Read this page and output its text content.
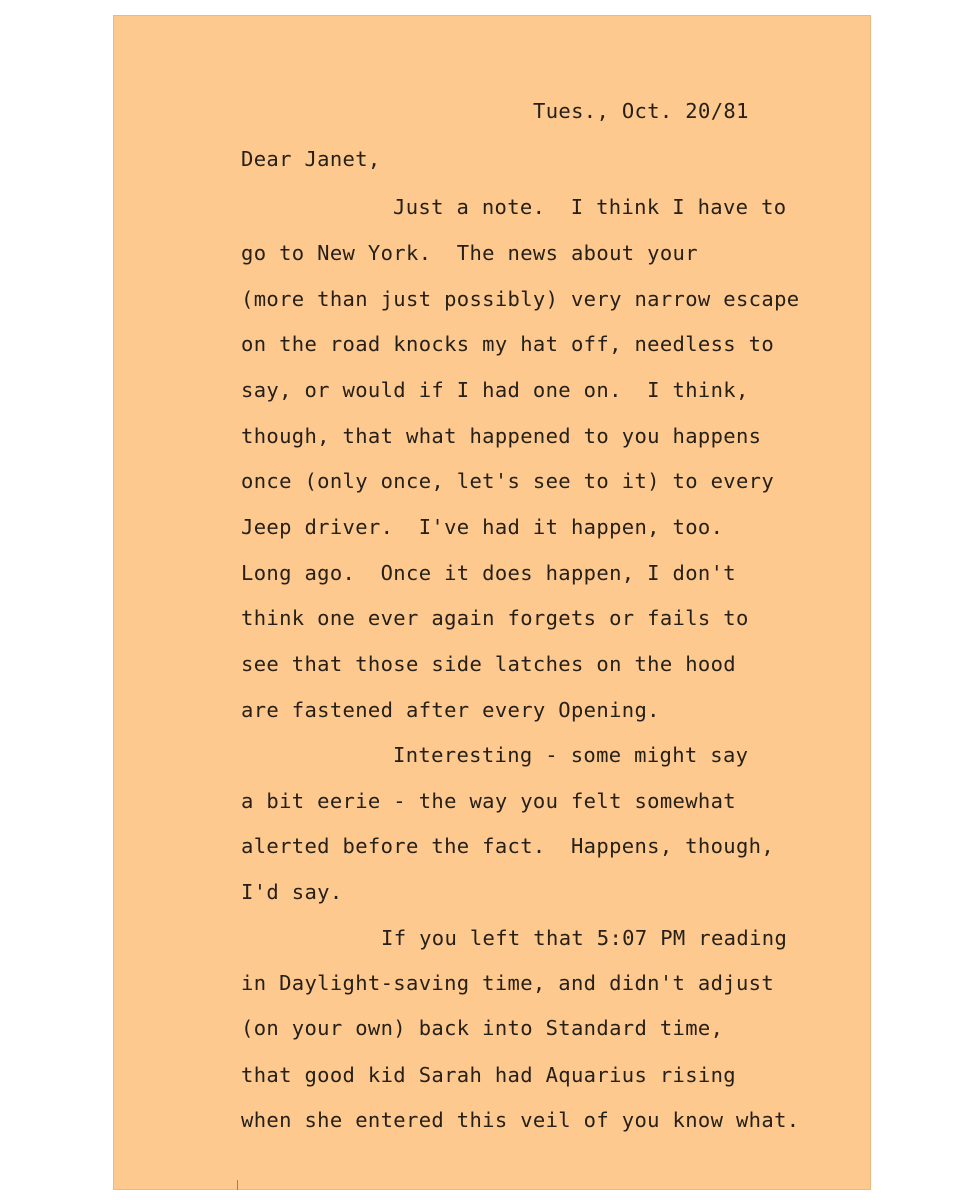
Tues., Oct. 20/81

Dear Janet,

Just a note.  I think I have to

go to New York.  The news about your

(more than just possibly) very narrow escape

on the road knocks my hat off, needless to

say, or would if I had one on.  I think,

though, that what happened to you happens

once (only once, let's see to it) to every

Jeep driver.  I've had it happen, too.

Long ago.  Once it does happen, I don't

think one ever again forgets or fails to

see that those side latches on the hood

are fastened after every Opening.

Interesting - some might say

a bit eerie - the way you felt somewhat

alerted before the fact.  Happens, though,

I'd say.

If you left that 5:07 PM reading

in Daylight-saving time, and didn't adjust

(on your own) back into Standard time,

that good kid Sarah had Aquarius rising

when she entered this veil of you know what.
